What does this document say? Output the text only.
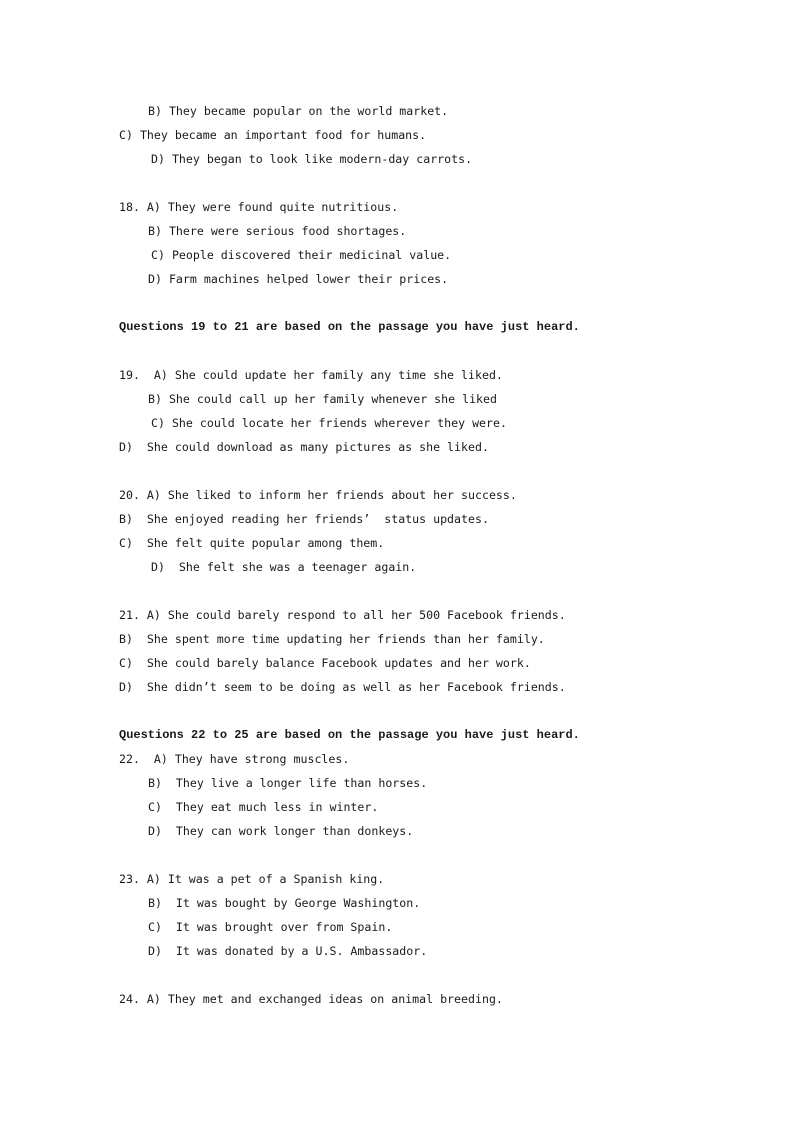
B) They became popular on the world market.
C) They became an important food for humans.
D) They began to look like modern-day carrots.
18. A) They were found quite nutritious.
B) There were serious food shortages.
C) People discovered their medicinal value.
D) Farm machines helped lower their prices.
Questions 19 to 21 are based on the passage you have just heard.
19.  A) She could update her family any time she liked.
B) She could call up her family whenever she liked
C) She could locate her friends wherever they were.
D)  She could download as many pictures as she liked.
20. A) She liked to inform her friends about her success.
B)  She enjoyed reading her friends’  status updates.
C)  She felt quite popular among them.
D)  She felt she was a teenager again.
21. A) She could barely respond to all her 500 Facebook friends.
B)  She spent more time updating her friends than her family.
C)  She could barely balance Facebook updates and her work.
D)  She didn’t seem to be doing as well as her Facebook friends.
Questions 22 to 25 are based on the passage you have just heard.
22.  A) They have strong muscles.
B)  They live a longer life than horses.
C)  They eat much less in winter.
D)  They can work longer than donkeys.
23. A) It was a pet of a Spanish king.
B)  It was bought by George Washington.
C)  It was brought over from Spain.
D)  It was donated by a U.S. Ambassador.
24. A) They met and exchanged ideas on animal breeding.
